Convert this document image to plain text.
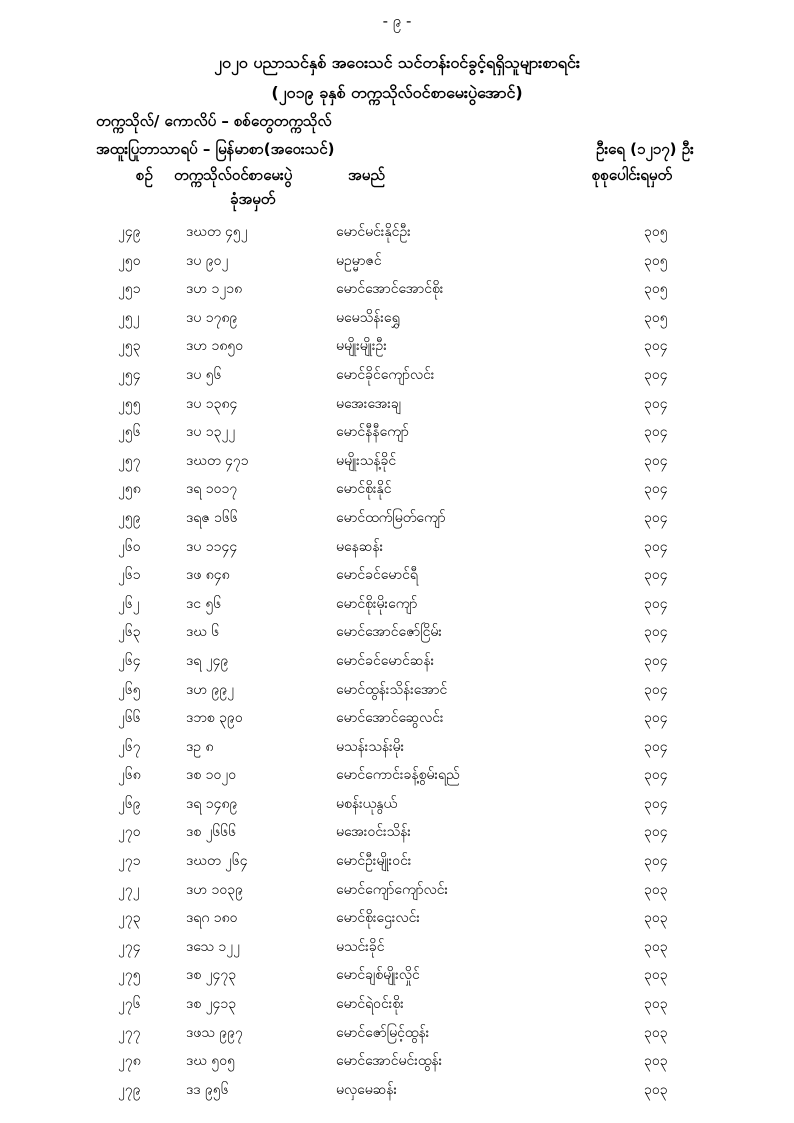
- ၉ -
၂၀၂၀ ပညာသင်နှစ် အဝေးသင် သင်တန်းဝင်ခွင့်ရရှိသူများစာရင်း
(၂၀၁၉ ခုနှစ် တက္ကသိုလ်ဝင်စာမေးပွဲအောင်)
တက္ကသိုလ်/ ကောလိပ် – စစ်တွေတက္ကသိုလ်
အထူးပြုဘာသာရပ် – မြန်မာစာ(အဝေးသင်)	ဦးရေ (၁၂၁၇) ဦး
စဉ် တက္ကသိုလ်ဝင်စာမေးပွဲ
ခုံအမှတ်
အမည်	စုစုပေါင်းရမှတ်
၂၄၉	ဒဃတ ၄၅၂	မောင်မင်းနိုင်ဦး	၃၀၅
၂၅၀	ဒပ ၉၀၂	မဥမ္မာဇင်	၃၀၅
၂၅၁	ဒဟ ၁၂၁၈	မောင်အောင်အောင်စိုး	၃၀၅
၂၅၂	ဒပ ၁၇၈၉	မမေသိန်းရွှေ	၃၀၅
၂၅၃	ဒဟ ၁၈၅၀	မမျိုးမျိုးဦး	၃၀၄
၂၅၄	ဒပ ၅၆	မောင်ခိုင်ကျော်လင်း	၃၀၄
၂၅၅	ဒပ ၁၃၈၄	မအေးအေးချ	၃၀၄
၂၅၆	ဒပ ၁၃၂၂	မောင်နီနီကျော်	၃၀၄
၂၅၇	ဒဃတ ၄၇၁	မမျိုးသန့်ခိုင်	၃၀၄
၂၅၈	ဒရ ၁၀၁၇	မောင်စိုးနိုင်	၃၀၄
၂၅၉	ဒရဇ ၁၆၆	မောင်ထက်မြတ်ကျော်	၃၀၄
၂၆၀	ဒပ ၁၁၄၄	မနေဆန်း	၃၀၄
၂၆၁	ဒဖ ၈၄၈	မောင်ခင်မောင်ရီ	၃၀၄
၂၆၂	ဒင ၅၆	မောင်စိုးမိုးကျော်	၃၀၄
၂၆၃	ဒဃ ၆	မောင်အောင်ဇော်ငြိမ်း	၃၀၄
၂၆၄	ဒရ ၂၄၉	မောင်ခင်မောင်ဆန်း	၃၀၄
၂၆၅	ဒဟ ၉၉၂	မောင်ထွန်းသိန်းအောင်	၃၀၄
၂၆၆	ဒဘစ ၃၉၀	မောင်အောင်ဆွေလင်း	၃၀၄
၂၆၇	ဒဥ ၈	မသန်းသန်းမိုး	၃၀၄
၂၆၈	ဒစ ၁၀၂၀	မောင်ကောင်းခန့်စွမ်းရည်	၃၀၄
၂၆၉	ဒရ ၁၄၈၉	မစန်းယုနွယ်	၃၀၄
၂၇၀	ဒစ ၂၆၆၆	မအေးဝင်းသိန်း	၃၀၄
၂၇၁	ဒဃတ ၂၆၄	မောင်ဦးမျိုးဝင်း	၃၀၄
၂၇၂	ဒဟ ၁၀၃၉	မောင်ကျော်ကျော်လင်း	၃၀၃
၂၇၃	ဒရဂ ၁၈၀	မောင်စိုးဌေးလင်း	၃၀၃
၂၇၄	ဒသေ ၁၂၂	မသင်းခိုင်	၃၀၃
၂၇၅	ဒစ ၂၄၇၃	မောင်ချစ်မျိုးလှိုင်	၃၀၃
၂၇၆	ဒစ ၂၄၁၃	မောင်ရဲဝင်းစိုး	၃၀၃
၂၇၇	ဒဖသ ၉၉၇	မောင်ဇော်မြင့်ထွန်း	၃၀၃
၂၇၈	ဒဃ ၅၀၅	မောင်အောင်မင်းထွန်း	၃၀၃
၂၇၉	ဒဒ ၉၅၆	မလှမေဆန်း	၃၀၃
